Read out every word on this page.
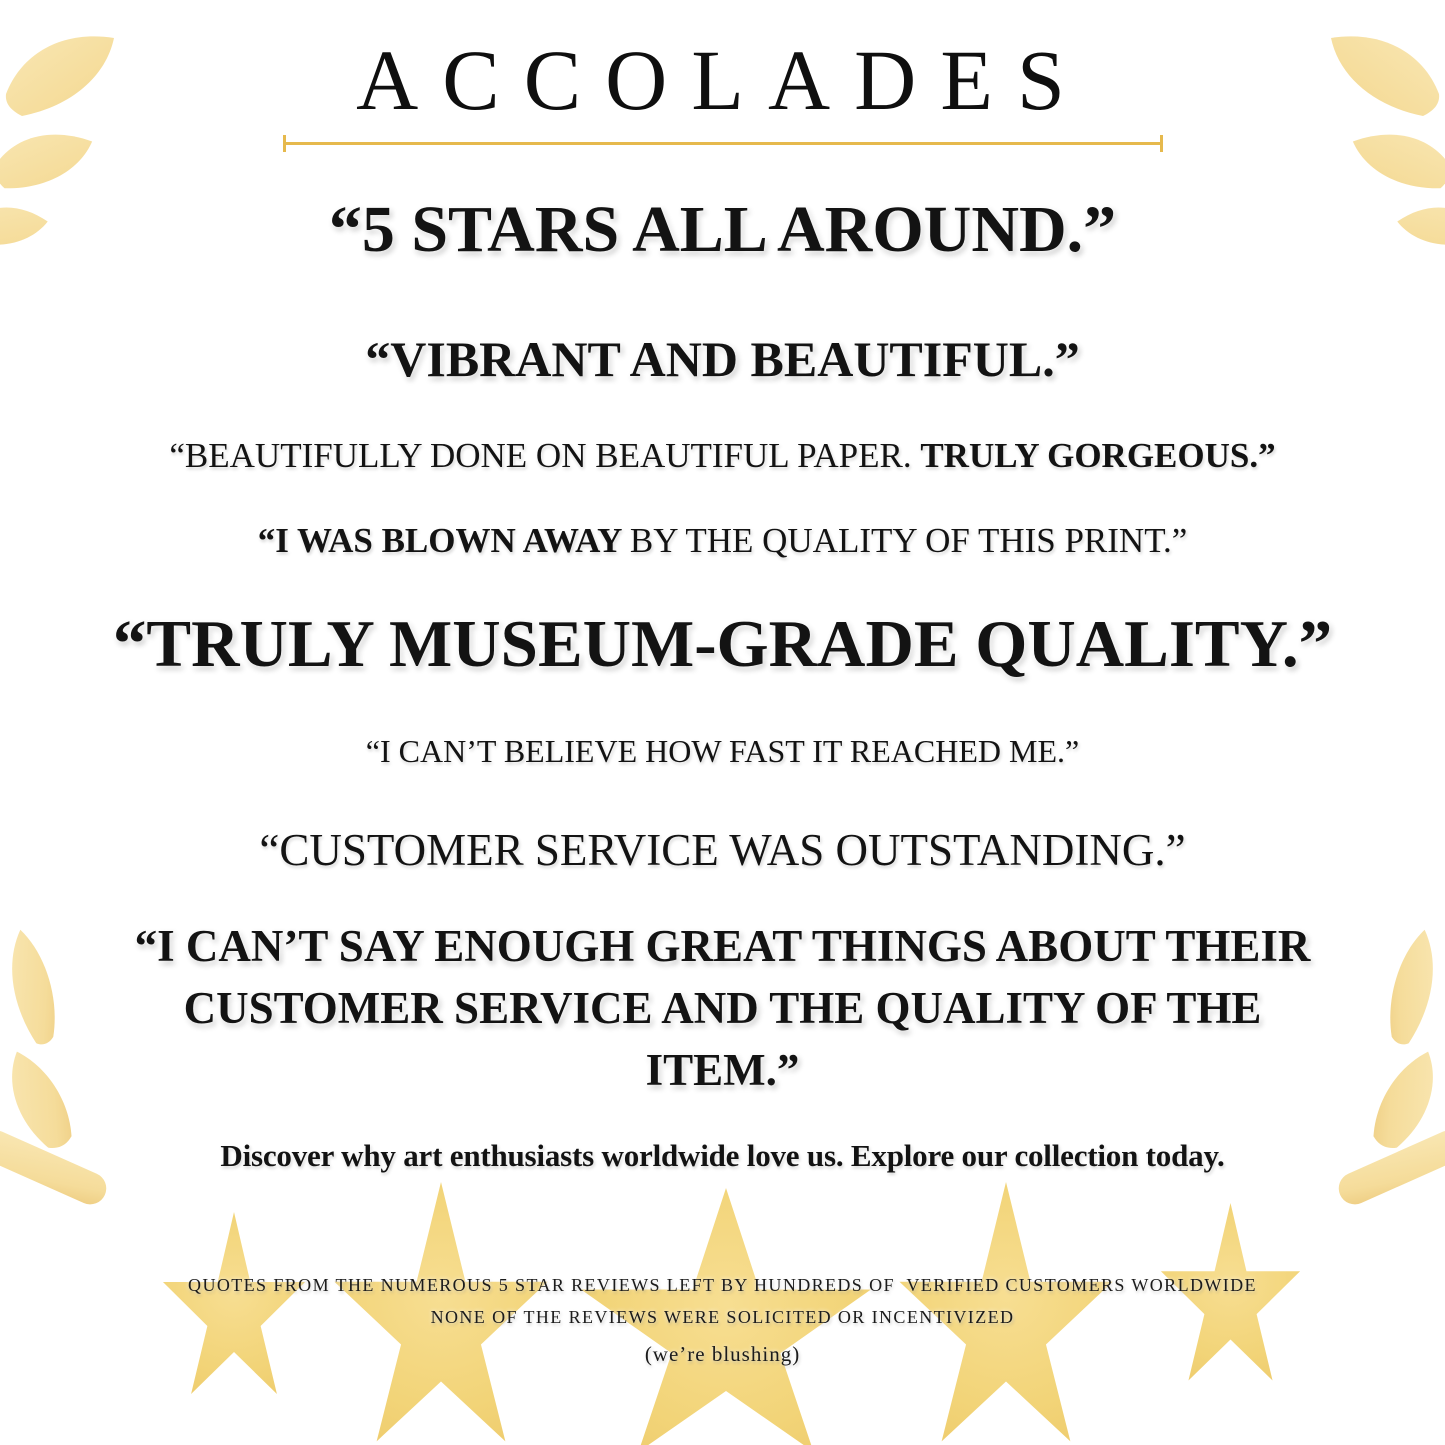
ACCOLADES
“5 STARS ALL AROUND.”
“VIBRANT AND BEAUTIFUL.”
“BEAUTIFULLY DONE ON BEAUTIFUL PAPER. TRULY GORGEOUS.”
“I WAS BLOWN AWAY BY THE QUALITY OF THIS PRINT.”
“TRULY MUSEUM-GRADE QUALITY.”
“I CAN’T BELIEVE HOW FAST IT REACHED ME.”
“CUSTOMER SERVICE WAS OUTSTANDING.”
“I CAN’T SAY ENOUGH GREAT THINGS ABOUT THEIR
CUSTOMER SERVICE AND THE QUALITY OF THE
ITEM.”
Discover why art enthusiasts worldwide love us. Explore our collection today.
QUOTES FROM THE NUMEROUS 5 STAR REVIEWS LEFT BY HUNDREDS OF  VERIFIED CUSTOMERS WORLDWIDE
NONE OF THE REVIEWS WERE SOLICITED OR INCENTIVIZED
(we’re blushing)
